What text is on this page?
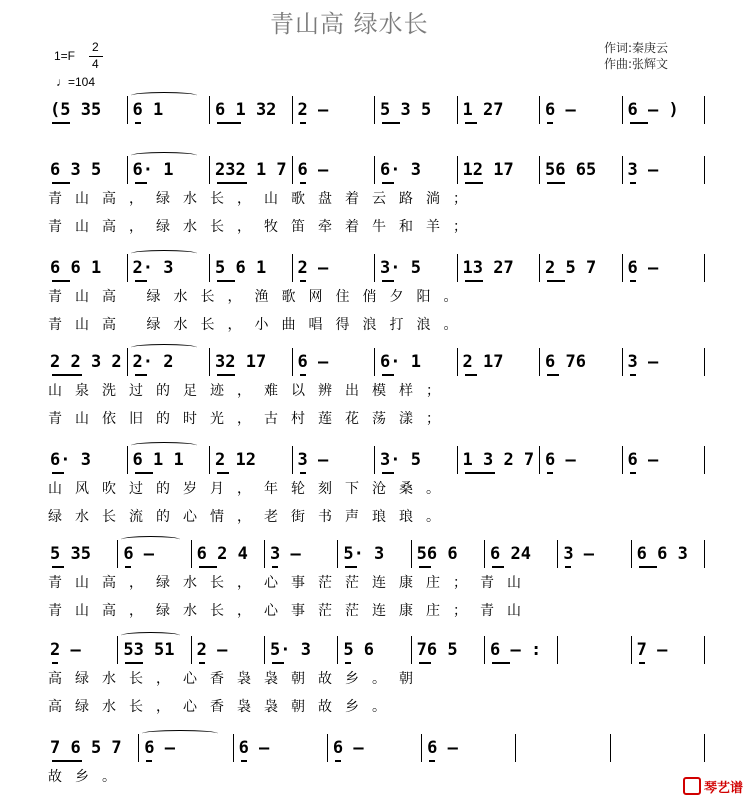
青山高 绿水长
1=F
2
4
♩=104
作词:秦庚云
作曲:张辉文
(5 35 6 1	6 1 32 2 –	5 3 5 1 27 6 –	6 – )
6 3 5 6· 1 232 1 7 6 –	6· 3 12 17 56 65 3 –
青山高，绿水长，山歌盘着云路淌；
青山高，绿水长，牧笛牵着牛和羊；
6 6 1 2· 3 5 6 1 2 –	3· 5 13 27 2 5 7 6 –
青山高 绿水长，渔歌网住俏夕阳。
青山高 绿水长，小曲唱得浪打浪。
2 2 3 2 2· 2 32 17 6 –	6· 1 2 17 6 76 3 –
山泉洗过的足迹，难以辨出模样；
青山依旧的时光，古村莲花荡漾；
6· 3 6 1 1 2 12 3 –	3· 5 1 3 2 7 6 –	6 –
山风吹过的岁月，年轮刻下沧桑。
绿水长流的心情，老街书声琅琅。
5 35 6 –	6 2 4 3 –	5· 3 56 6 6 24 3 –	6 6 3
青山高，绿水长，心事茫茫连康庄；青山
青山高，绿水长，心事茫茫连康庄；青山
2 –	53 51 2 –	5· 3 5 6	76 5 6 – :	7 –
高绿水长，心香袅袅朝故乡。朝
高绿水长，心香袅袅朝故乡。
7 6 5 7 6 –	6 –	6 –	6 –
故乡。
琴艺谱
